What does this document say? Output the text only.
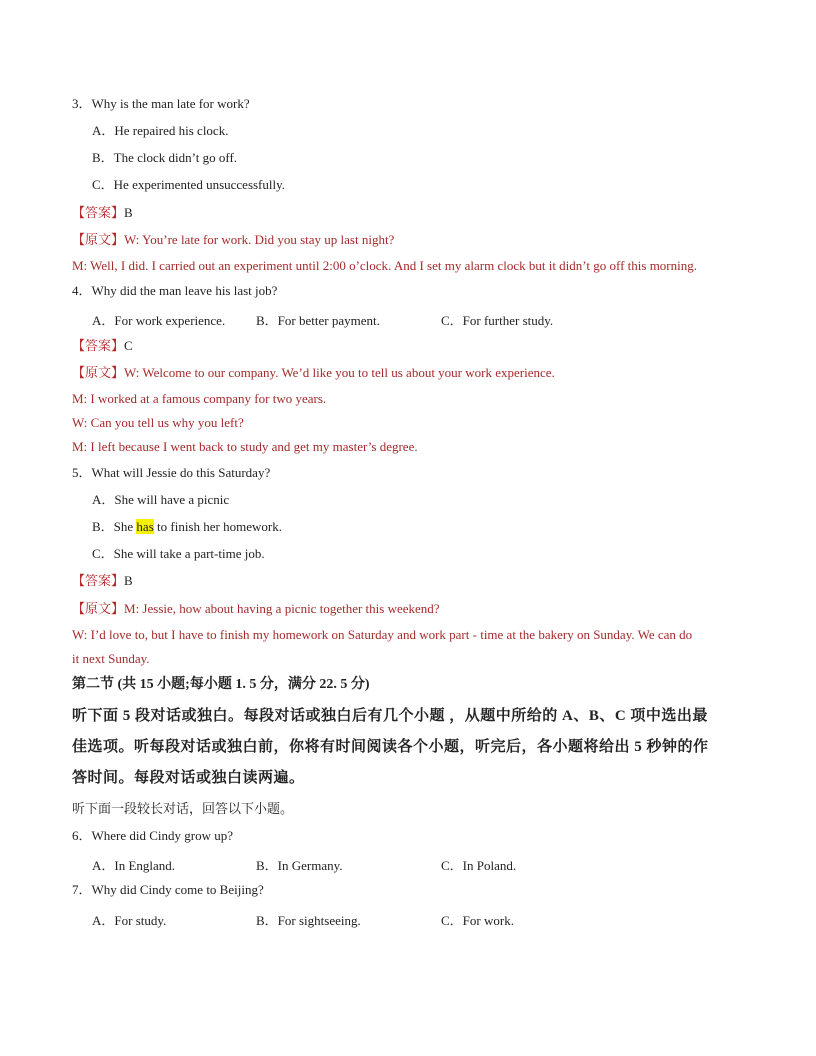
3．Why is the man late for work?
A．He repaired his clock.
B．The clock didn’t go off.
C．He experimented unsuccessfully.
【答案】B
【原文】W: You’re late for work. Did you stay up last night?
M: Well, I did. I carried out an experiment until 2:00 o’clock. And I set my alarm clock but it didn’t go off this morning.
4．Why did the man leave his last job?
A．For work experience. B．For better payment.	C．For further study.
【答案】C
【原文】W: Welcome to our company. We’d like you to tell us about your work experience.
M: I worked at a famous company for two years.
W: Can you tell us why you left?
M: I left because I went back to study and get my master’s degree.
5．What will Jessie do this Saturday?
A．She will have a picnic
B．She has to finish her homework.
C．She will take a part-time job.
【答案】B
【原文】M: Jessie, how about having a picnic together this weekend?
W: I’d love to, but I have to finish my homework on Saturday and work part - time at the bakery on Sunday. We can do
it next Sunday.
第二节 (共 15 小题;每小题 1. 5 分，满分 22. 5 分)
听下面 5 段对话或独白。每段对话或独白后有几个小题 ，从题中所给的 A、B、C 项中选出最
佳选项。听每段对话或独白前，你将有时间阅读各个小题，听完后，各小题将给出 5 秒钟的作
答时间。每段对话或独白读两遍。
听下面一段较长对话，回答以下小题。
6．Where did Cindy grow up?
A．In England.	B．In Germany.	C．In Poland.
7．Why did Cindy come to Beijing?
A．For study.	B．For sightseeing.	C．For work.
